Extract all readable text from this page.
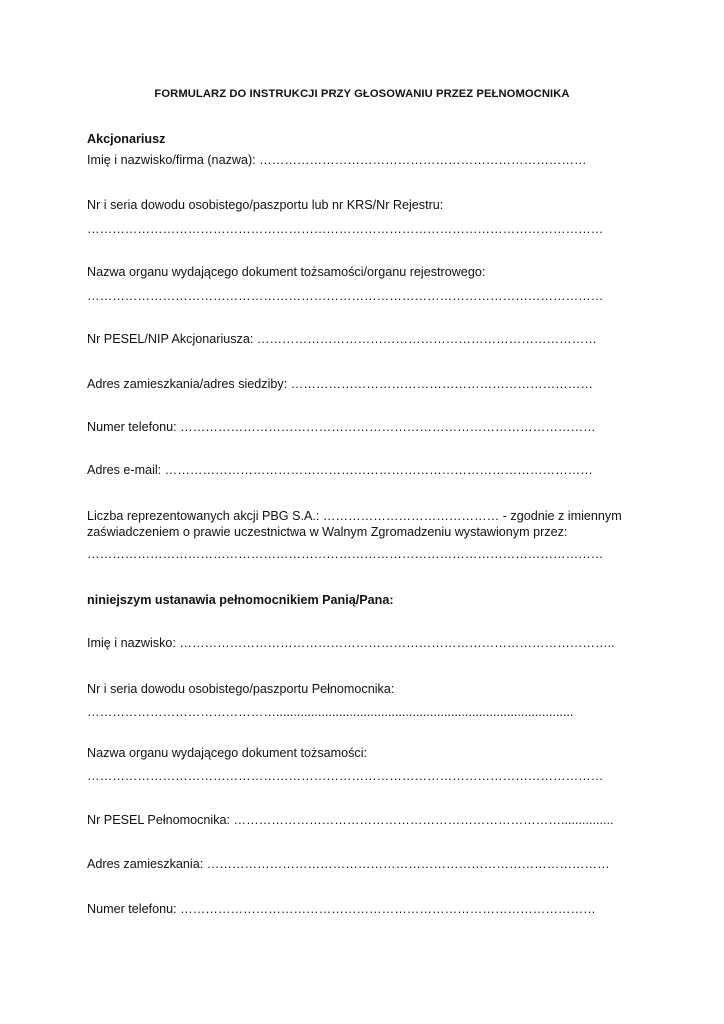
FORMULARZ DO INSTRUKCJI PRZY GŁOSOWANIU PRZEZ PEŁNOMOCNIKA
Akcjonariusz
Imię i nazwisko/firma (nazwa): ……………………………………………………………………
Nr i seria dowodu osobistego/paszportu lub nr KRS/Nr Rejestru:
……………………………………………………………………………………………………………
Nazwa organu wydającego dokument tożsamości/organu rejestrowego:
……………………………………………………………………………………………………………
Nr PESEL/NIP Akcjonariusza: ………………………………………………………………………
Adres zamieszkania/adres siedziby: ………………………………………………………………
Numer telefonu: ………………………………………………………………………………………
Adres e-mail: …………………………………………………………………………………………
Liczba reprezentowanych akcji PBG S.A.: …………………………………… - zgodnie z imiennym
zaświadczeniem o prawie uczestnictwa w Walnym Zgromadzeniu wystawionym przez:
……………………………………………………………………………………………………………
niniejszym ustanawia pełnomocnikiem Panią/Pana:
Imię i nazwisko: …………………………………………………………………………………………..
Nr i seria dowodu osobistego/paszportu Pełnomocnika:
……………………………………….....................................................................................
Nazwa organu wydającego dokument tożsamości:
……………………………………………………………………………………………………………
Nr PESEL Pełnomocnika: ……………………………………………………………………...............
Adres zamieszkania: ……………………………………………………………………………………
Numer telefonu: ………………………………………………………………………………………
